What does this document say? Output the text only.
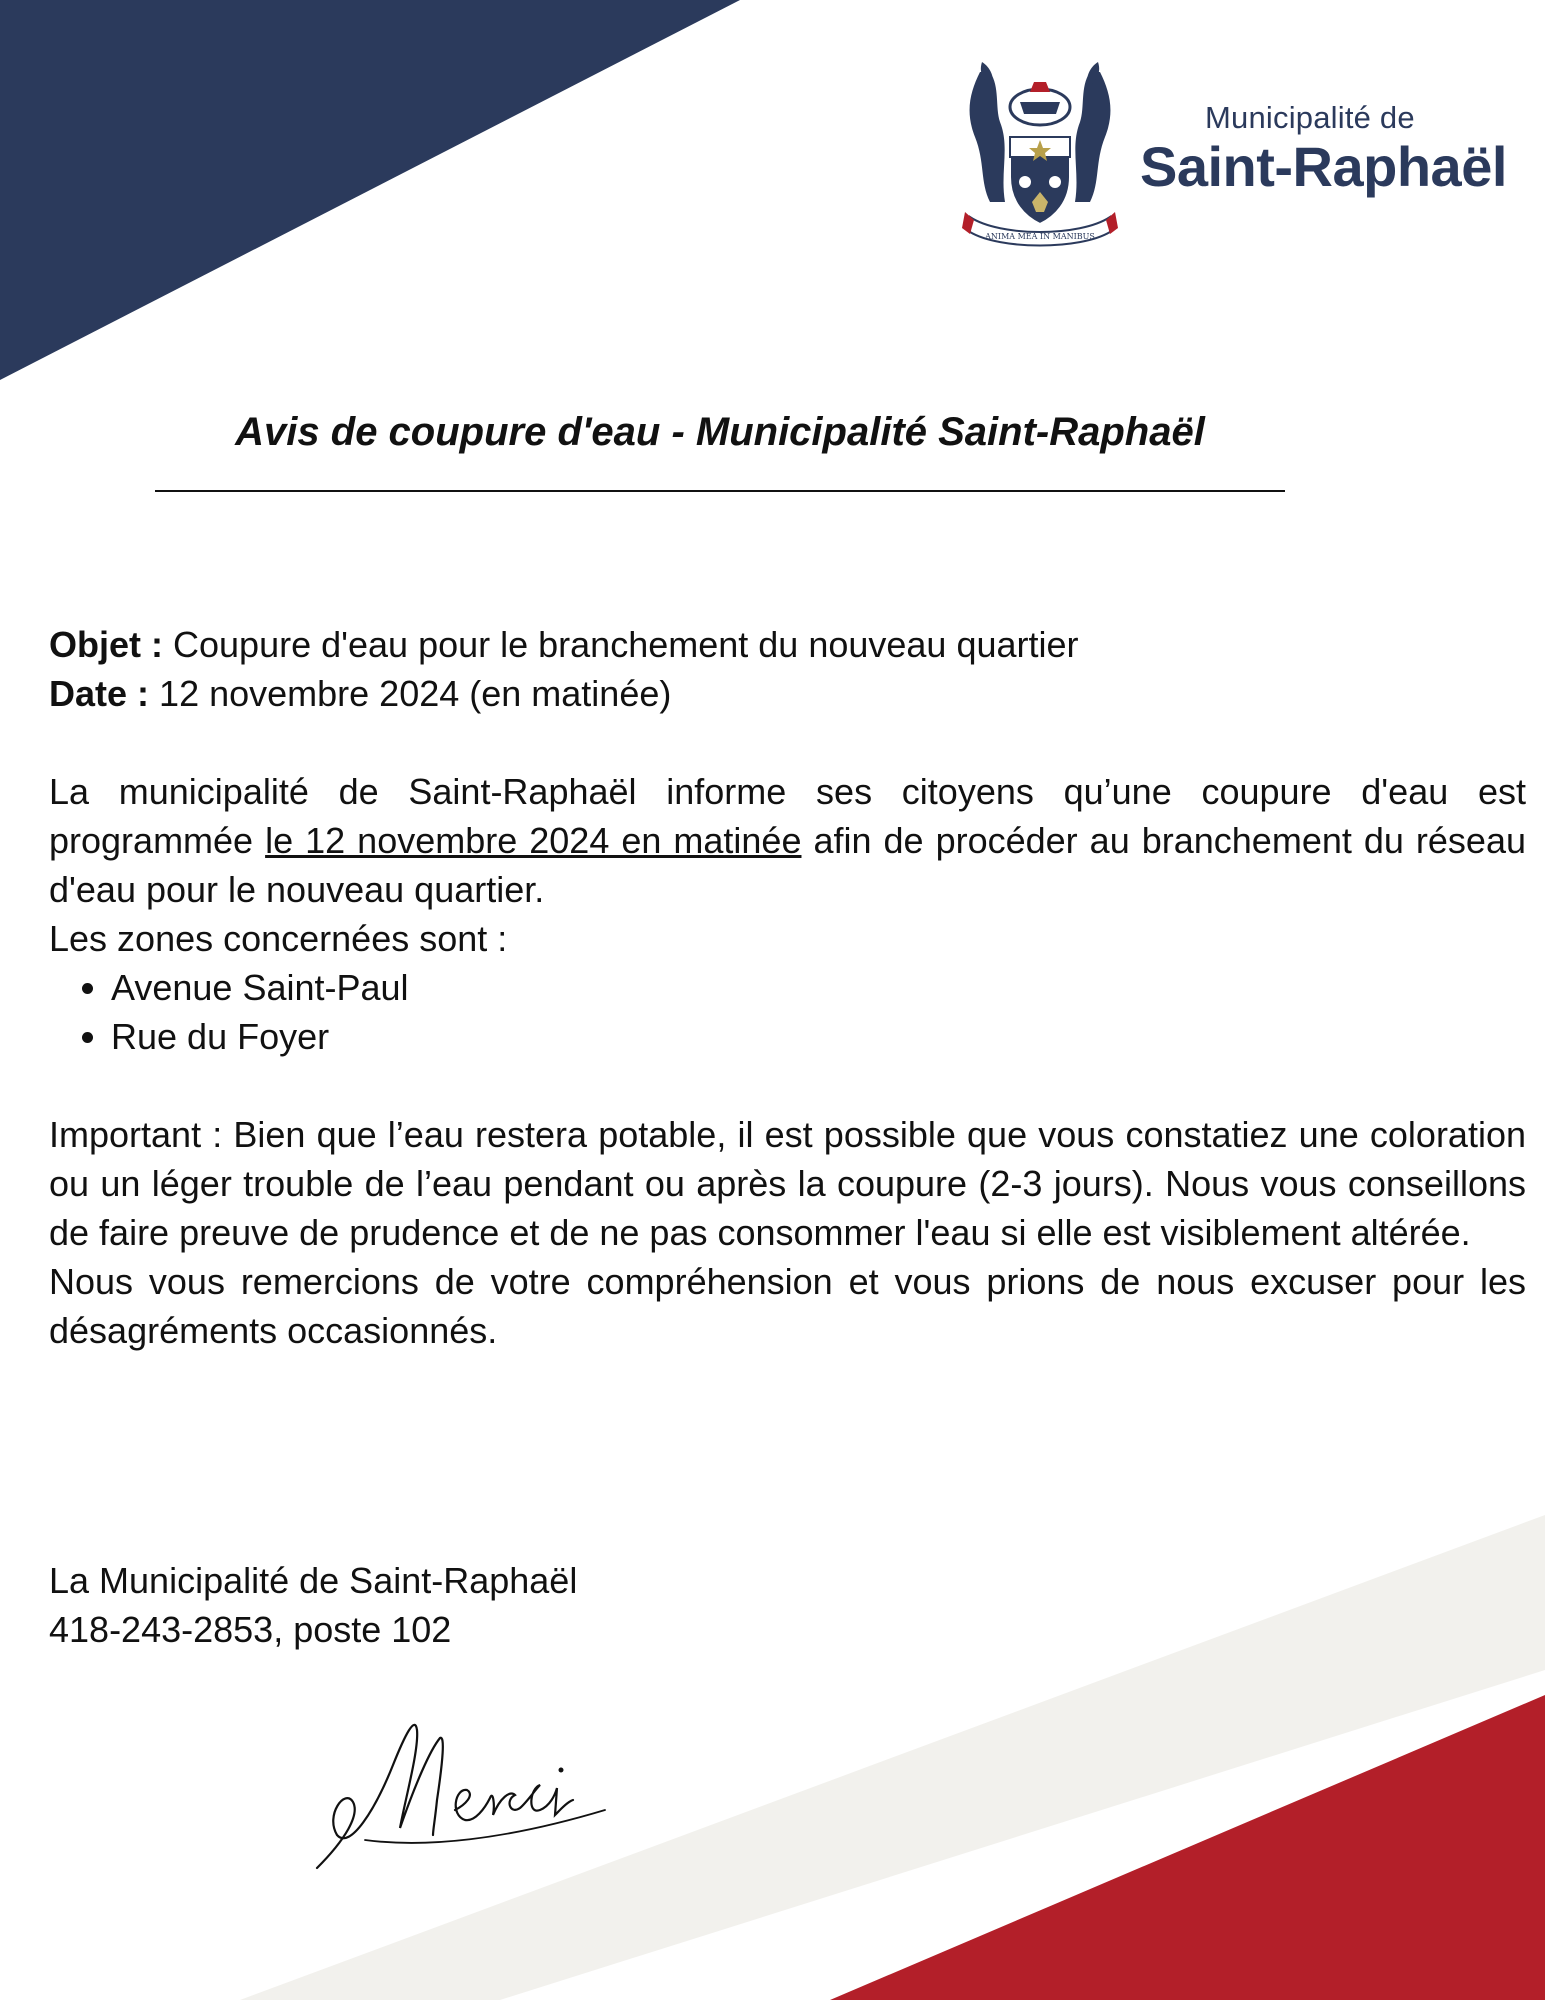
ANIMA MEA IN MANIBUS
Municipalité de
Saint-Raphaël
Avis de coupure d'eau - Municipalité Saint-Raphaël

Objet : Coupure d'eau pour le branchement du nouveau quartier

Date : 12 novembre 2024 (en matinée)

La municipalité de Saint-Raphaël informe ses citoyens qu’une coupure d'eau est programmée le 12 novembre 2024 en matinée afin de procéder au branchement du réseau d'eau pour le nouveau quartier.

Les zones concernées sont :

• Avenue Saint-Paul
• Rue du Foyer

Important : Bien que l’eau restera potable, il est possible que vous constatiez une coloration ou un léger trouble de l’eau pendant ou après la coupure (2-3 jours). Nous vous conseillons de faire preuve de prudence et de ne pas consommer l'eau si elle est visiblement altérée.

Nous vous remercions de votre compréhension et vous prions de nous excuser pour les désagréments occasionnés.

La Municipalité de Saint-Raphaël
418-243-2853, poste 102
